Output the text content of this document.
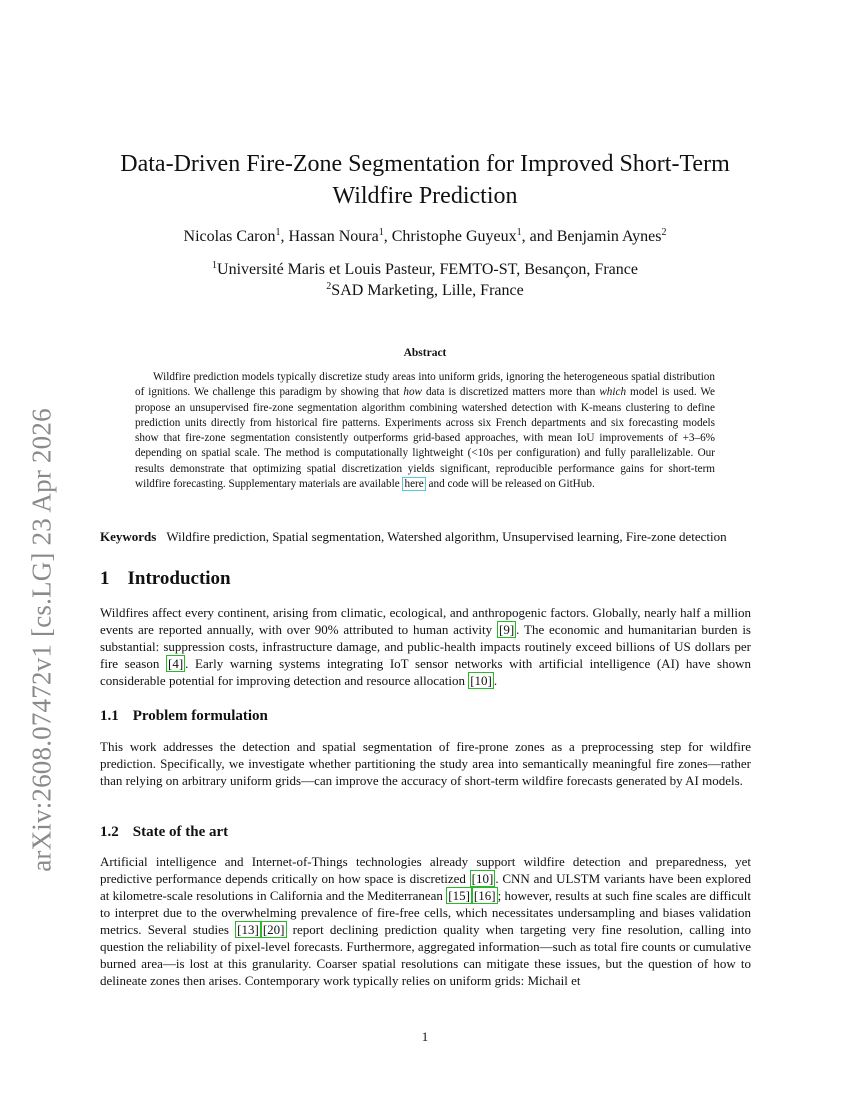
arXiv:2608.07472v1 [cs.LG] 23 Apr 2026
Data-Driven Fire-Zone Segmentation for Improved Short-Term Wildfire Prediction
Nicolas Caron$^1$, Hassan Noura$^1$, Christophe Guyeux$^1$, and Benjamin Aynes$^2$
$^1$Université Maris et Louis Pasteur, FEMTO-ST, Besançon, France
$^2$SAD Marketing, Lille, France
Abstract
Wildfire prediction models typically discretize study areas into uniform grids, ignoring the heterogeneous spatial distribution of ignitions. We challenge this paradigm by showing that how data is discretized matters more than which model is used. We propose an unsupervised fire-zone segmentation algorithm combining watershed detection with K-means clustering to define prediction units directly from historical fire patterns. Experiments across six French departments and six forecasting models show that fire-zone segmentation consistently outperforms grid-based approaches, with mean IoU improvements of +3–6% depending on spatial scale. The method is computationally lightweight (<10s per configuration) and fully parallelizable. Our results demonstrate that optimizing spatial discretization yields significant, reproducible performance gains for short-term wildfire forecasting. Supplementary materials are available here and code will be released on GitHub.
Keywords Wildfire prediction, Spatial segmentation, Watershed algorithm, Unsupervised learning, Fire-zone detection
1 Introduction
Wildfires affect every continent, arising from climatic, ecological, and anthropogenic factors. Globally, nearly half a million events are reported annually, with over 90% attributed to human activity [9] . The economic and humanitarian burden is substantial: suppression costs, infrastructure damage, and public-health impacts routinely exceed billions of US dollars per fire season [4] . Early warning systems integrating IoT sensor networks with artificial intelligence (AI) have shown considerable potential for improving detection and resource allocation [10] .
1.1 Problem formulation
This work addresses the detection and spatial segmentation of fire-prone zones as a preprocessing step for wildfire prediction. Specifically, we investigate whether partitioning the study area into semantically meaningful fire zones—rather than relying on arbitrary uniform grids—can improve the accuracy of short-term wildfire forecasts generated by AI models.
1.2 State of the art
Artificial intelligence and Internet-of-Things technologies already support wildfire detection and preparedness, yet predictive performance depends critically on how space is discretized [10] . CNN and ULSTM variants have been explored at kilometre-scale resolutions in California and the Mediterranean [15] [16] ; however, results at such fine scales are difficult to interpret due to the overwhelming prevalence of fire-free cells, which necessitates undersampling and biases validation metrics. Several studies [13] [20] report declining prediction quality when targeting very fine resolution, calling into question the reliability of pixel-level forecasts. Furthermore, aggregated information—such as total fire counts or cumulative burned area—is lost at this granularity. Coarser spatial resolutions can mitigate these issues, but the question of how to delineate zones then arises. Contemporary work typically relies on uniform grids: Michail et
1
